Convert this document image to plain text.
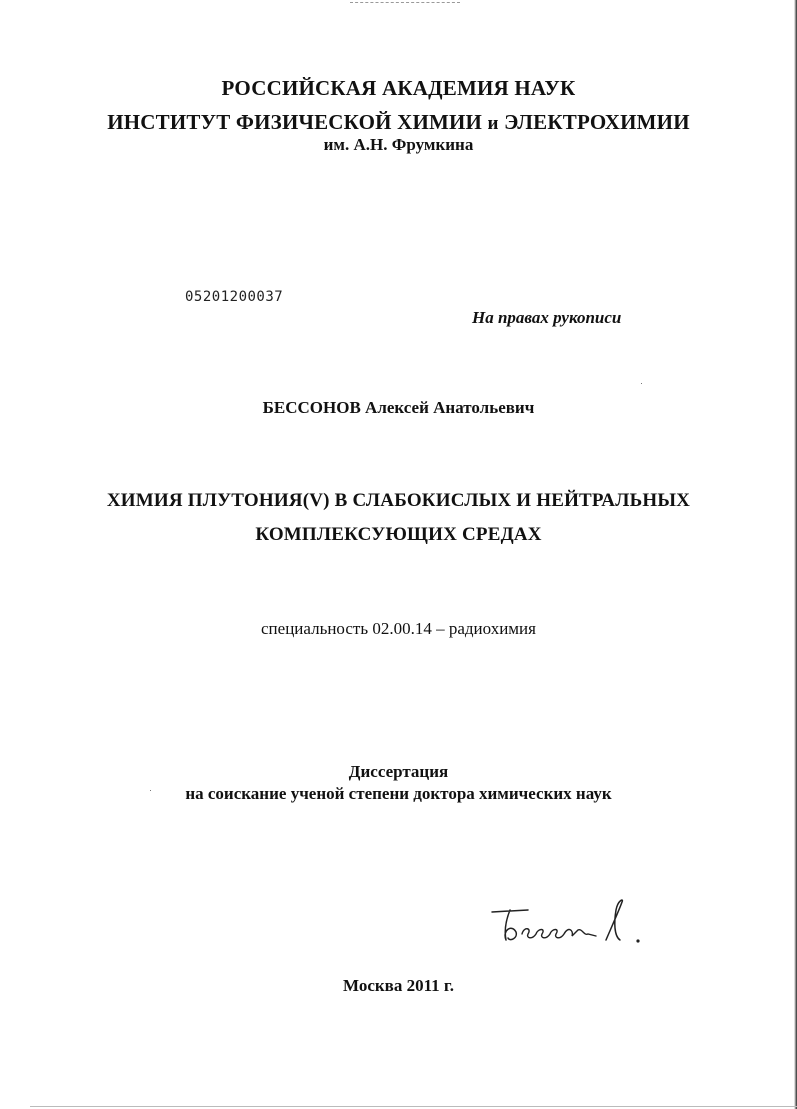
РОССИЙСКАЯ АКАДЕМИЯ НАУК
ИНСТИТУТ ФИЗИЧЕСКОЙ ХИМИИ и ЭЛЕКТРОХИМИИ
им. А.Н. Фрумкина
05201200037
На правах рукописи
БЕССОНОВ Алексей Анатольевич
ХИМИЯ ПЛУТОНИЯ(V) В СЛАБОКИСЛЫХ И НЕЙТРАЛЬНЫХ
КОМПЛЕКСУЮЩИХ СРЕДАХ
специальность 02.00.14 – радиохимия
Диссертация
на соискание ученой степени доктора химических наук
Москва 2011 г.
